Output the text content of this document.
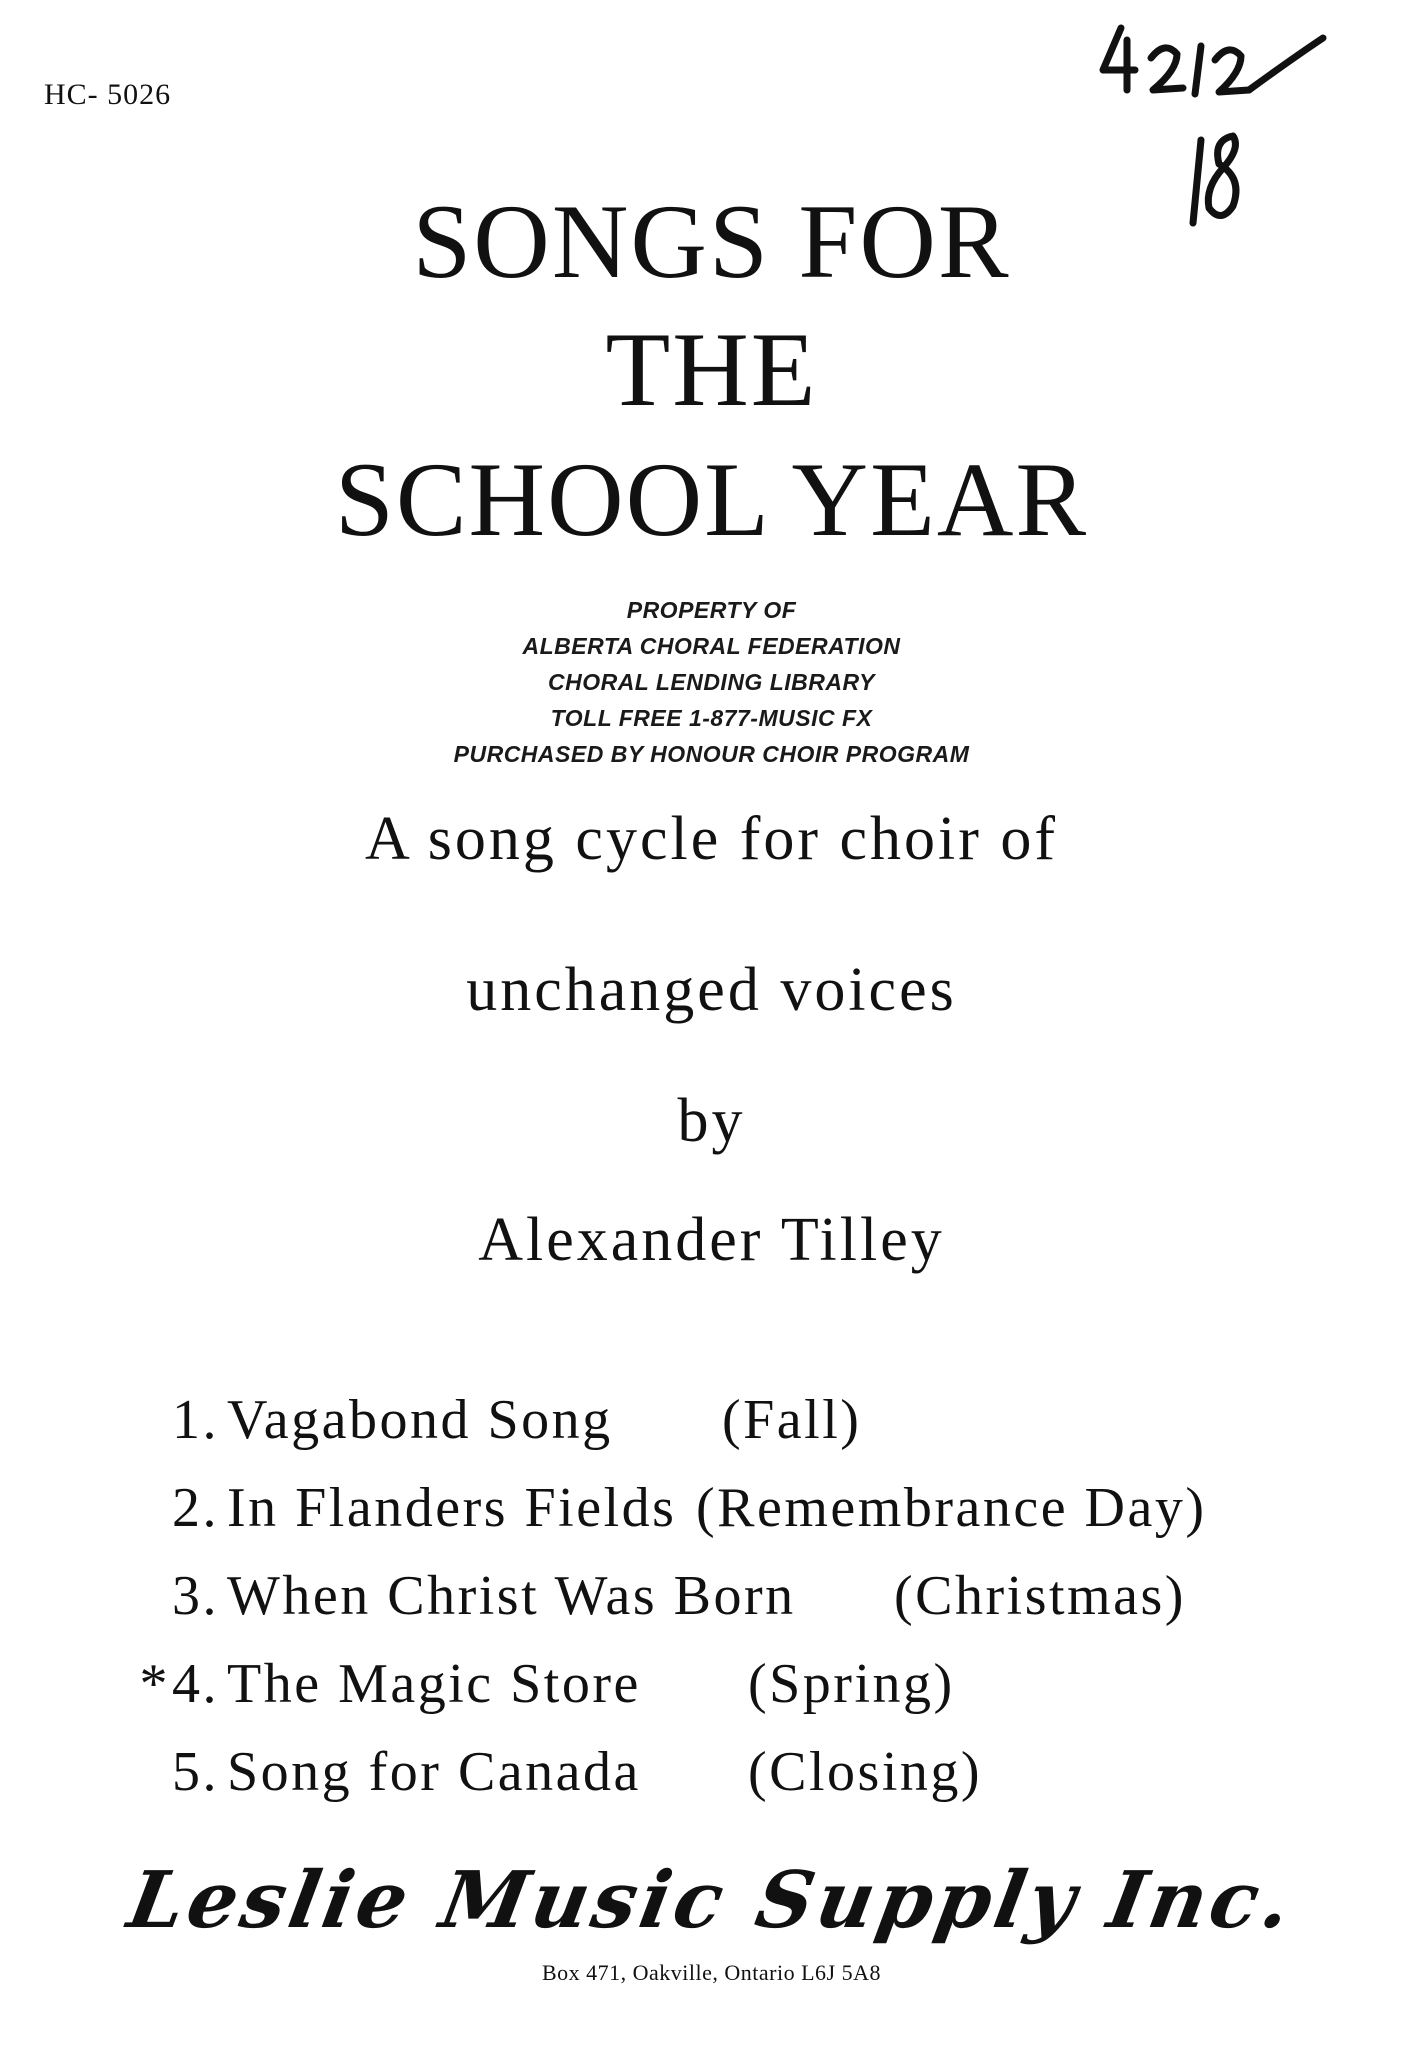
HC- 5026
SONGS FOR
THE
SCHOOL YEAR
PROPERTY OF
ALBERTA CHORAL FEDERATION
CHORAL LENDING LIBRARY
TOLL FREE 1-877-MUSIC FX
PURCHASED BY HONOUR CHOIR PROGRAM
A song cycle for choir of
unchanged voices
by
Alexander Tilley
1. Vagabond Song (Fall)
2. In Flanders Fields (Remembrance Day)
3. When Christ Was Born (Christmas)
* 4. The Magic Store (Spring)
5. Song for Canada (Closing)
Leslie Music Supply Inc.
Box 471, Oakville, Ontario L6J 5A8
